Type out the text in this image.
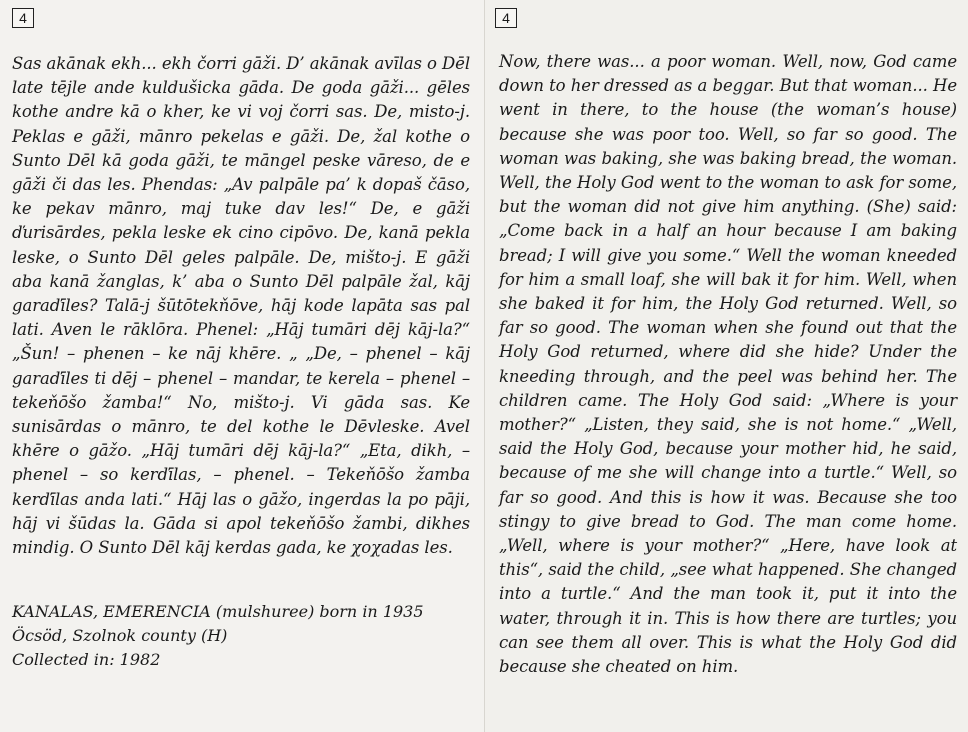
4

Sas akānak ekh... ekh čorri gāži. D’ akānak avīlas o Dēl late tējle ande kuldušicka gāda. De goda gāži... gēles kothe andre kā o kher, ke vi voj čorri sas. De, misto-j. Peklas e gāži, mānro pekelas e gāži. De, žal kothe o Sunto Dēl kā goda gāži, te māngel peske vāreso, de e gāži či das les. Phendas: „Av palpāle pa’ k dopaš čāso, ke pekav mānro, maj tuke dav les!“ De, e gāži ďurisārdes, pekla leske ek cino cipōvo. De, kanā pekla leske, o Sunto Dēl geles palpāle. De, mišto-j. E gāži aba kanā žanglas, k’ aba o Sunto Dēl palpāle žal, kāj garaďīles? Talā-j šūtōtekňōve, hāj kode lapāta sas pal lati. Aven le rāklōra. Phenel: „Hāj tumāri dēj kāj-la?“ „Šun! – phenen – ke nāj khēre. „ „De, – phenel – kāj garaďīles ti dēj – phenel – mandar, te kerela – phenel – tekeňōšo žamba!“ No, mišto-j. Vi gāda sas. Ke sunisārdas o mānro, te del kothe le Dēvleske. Avel khēre o gāžo. „Hāj tumāri dēj kāj-la?“ „Eta, dikh, – phenel – so kerďīlas, – phenel. – Tekeňōšo žamba kerďīlas anda lati.“ Hāj las o gāžo, ingerdas la po pāji, hāj vi šūdas la. Gāda si apol tekeňōšo žambi, dikhes mindig. O Sunto Dēl kāj kerdas gada, ke χoχadas les.

KANALAS, EMERENCIA (mulshuree) born in 1935
Öcsöd, Szolnok county (H)
Collected in: 1982
4

Now, there was... a poor woman. Well, now, God came down to her dressed as a beggar. But that woman... He went in there, to the house (the woman’s house) because she was poor too. Well, so far so good. The woman was baking, she was baking bread, the woman. Well, the Holy God went to the woman to ask for some, but the woman did not give him anything. (She) said: „Come back in a half an hour because I am baking bread; I will give you some.“ Well the woman kneeded for him a small loaf, she will bak it for him. Well, when she baked it for him, the Holy God returned. Well, so far so good. The woman when she found out that the Holy God returned, where did she hide? Under the kneeding through, and the peel was behind her. The children came. The Holy God said: „Where is your mother?“ „Listen, they said, she is not home.“ „Well, said the Holy God, because your mother hid, he said, because of me she will change into a turtle.“ Well, so far so good. And this is how it was. Because she too stingy to give bread to God. The man come home. „Well, where is your mother?“ „Here, have look at this“, said the child, „see what happened. She changed into a turtle.“ And the man took it, put it into the water, through it in. This is how there are turtles; you can see them all over. This is what the Holy God did because she cheated on him.
